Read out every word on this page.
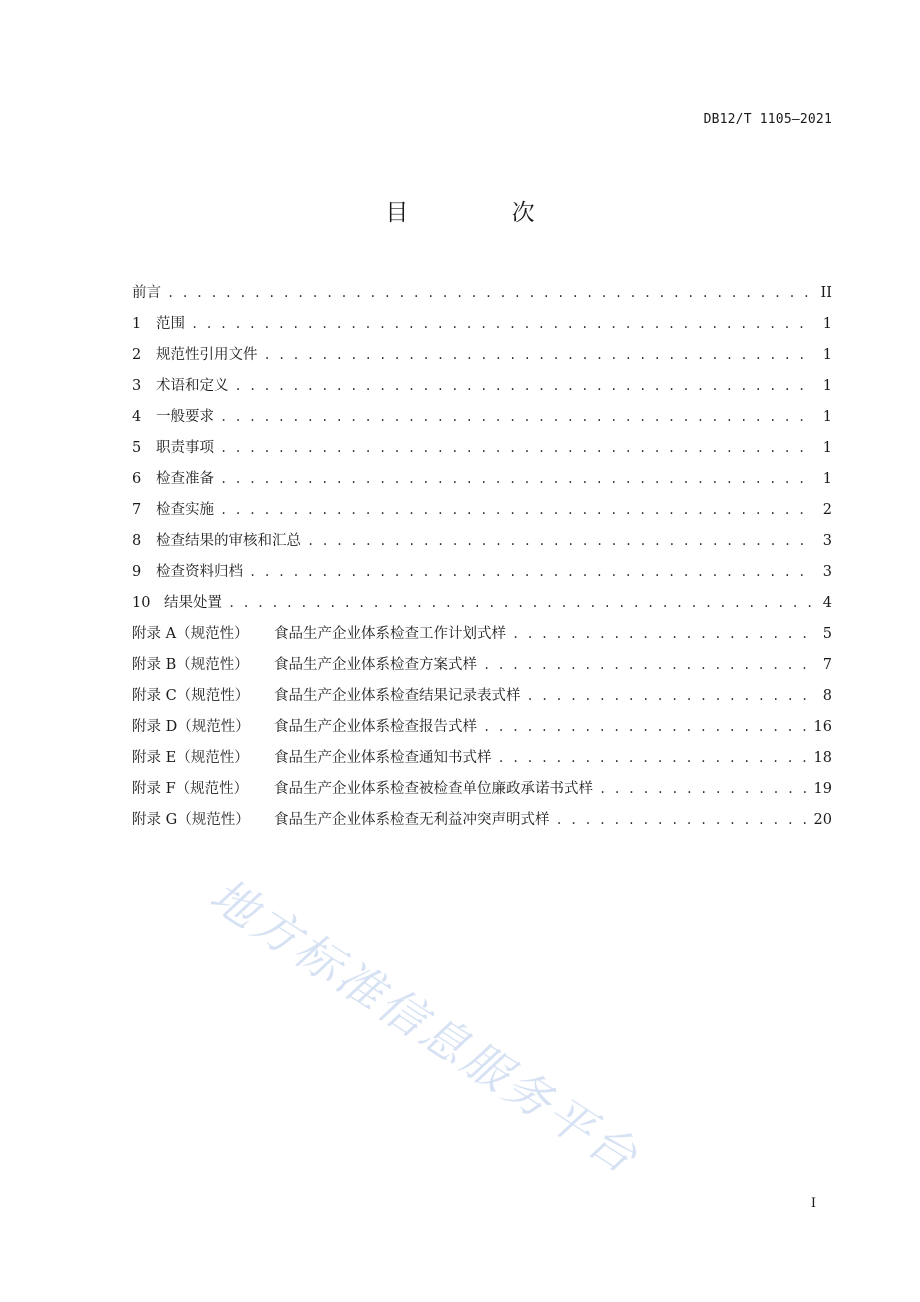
DB12/T 1105—2021
目 次
前言 . . .	II
1	范围 . . .	1
2	规范性引用文件 . . .	1
3	术语和定义 . . .	1
4	一般要求 . . .	1
5	职责事项 . . .	1
6	检查准备 . . .	1
7	检查实施 . . .	2
8	检查结果的审核和汇总 . . .	3
9	检查资料归档 . . .	3
10 结果处置 . . .	4
附录 A（规范性）	食品生产企业体系检查工作计划式样 . . .	5
附录 B（规范性）	食品生产企业体系检查方案式样 . . .	7
附录 C（规范性）	食品生产企业体系检查结果记录表式样 . . .	8
附录 D（规范性）	食品生产企业体系检查报告式样 . . .	16
附录 E（规范性）	食品生产企业体系检查通知书式样 . . .	18
附录 F（规范性）	食品生产企业体系检查被检查单位廉政承诺书式样 . . .	19
附录 G（规范性）	食品生产企业体系检查无利益冲突声明式样 . . .	20
地方标准信息服务平台
I
